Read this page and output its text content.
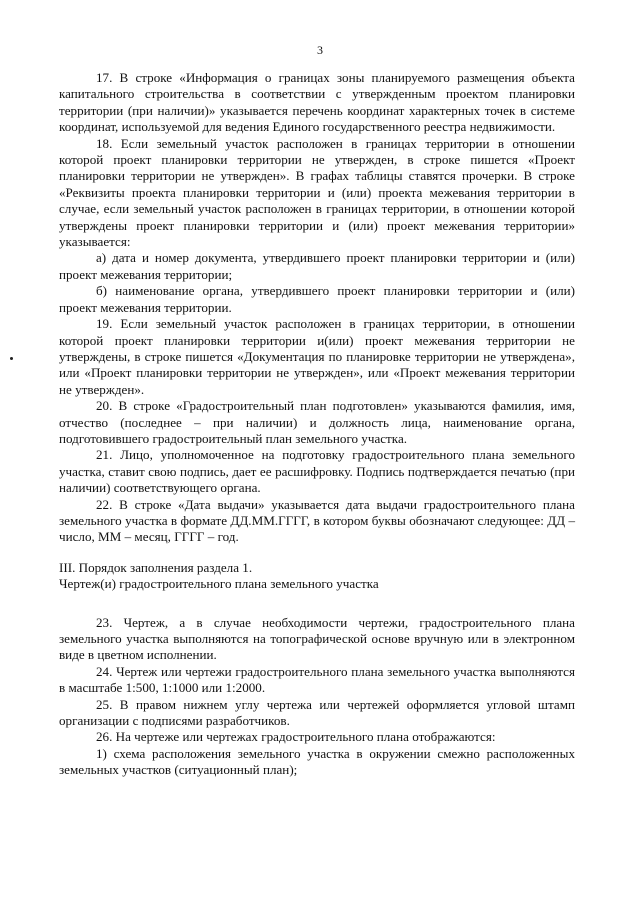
3

17. В строке «Информация о границах зоны планируемого размещения объекта капитального строительства в соответствии с утвержденным проектом планировки территории (при наличии)» указывается перечень координат характерных точек в системе координат, используемой для ведения Единого государственного реестра недвижимости.

18. Если земельный участок расположен в границах территории в отношении которой проект планировки территории не утвержден, в строке пишется «Проект планировки территории не утвержден». В графах таблицы ставятся прочерки. В строке «Реквизиты проекта планировки территории и (или) проекта межевания территории в случае, если земельный участок расположен в границах территории, в отношении которой утверждены проект планировки территории и (или) проект межевания территории» указывается:

а) дата и номер документа, утвердившего проект планировки территории и (или) проект межевания территории;

б) наименование органа, утвердившего проект планировки территории и (или) проект межевания территории.

19. Если земельный участок расположен в границах территории, в отношении которой проект планировки территории и(или) проект межевания территории не утверждены, в строке пишется «Документация по планировке территории не утверждена», или «Проект планировки территории не утвержден», или «Проект межевания территории не утвержден».

20. В строке «Градостроительный план подготовлен» указываются фамилия, имя, отчество (последнее – при наличии) и должность лица, наименование органа, подготовившего градостроительный план земельного участка.

21. Лицо, уполномоченное на подготовку градостроительного плана земельного участка, ставит свою подпись, дает ее расшифровку. Подпись подтверждается печатью (при наличии) соответствующего органа.

22. В строке «Дата выдачи» указывается дата выдачи градостроительного плана земельного участка в формате ДД.ММ.ГГГГ, в котором буквы обозначают следующее: ДД – число, ММ – месяц, ГГГГ – год.

III. Порядок заполнения раздела 1.

Чертеж(и) градостроительного плана земельного участка

23. Чертеж, а в случае необходимости чертежи, градостроительного плана земельного участка выполняются на топографической основе вручную или в электронном виде в цветном исполнении.

24. Чертеж или чертежи градостроительного плана земельного участка выполняются в масштабе 1:500, 1:1000 или 1:2000.

25. В правом нижнем углу чертежа или чертежей оформляется угловой штамп организации с подписями разработчиков.

26. На чертеже или чертежах градостроительного плана отображаются:

1) схема расположения земельного участка в окружении смежно расположенных земельных участков (ситуационный план);
